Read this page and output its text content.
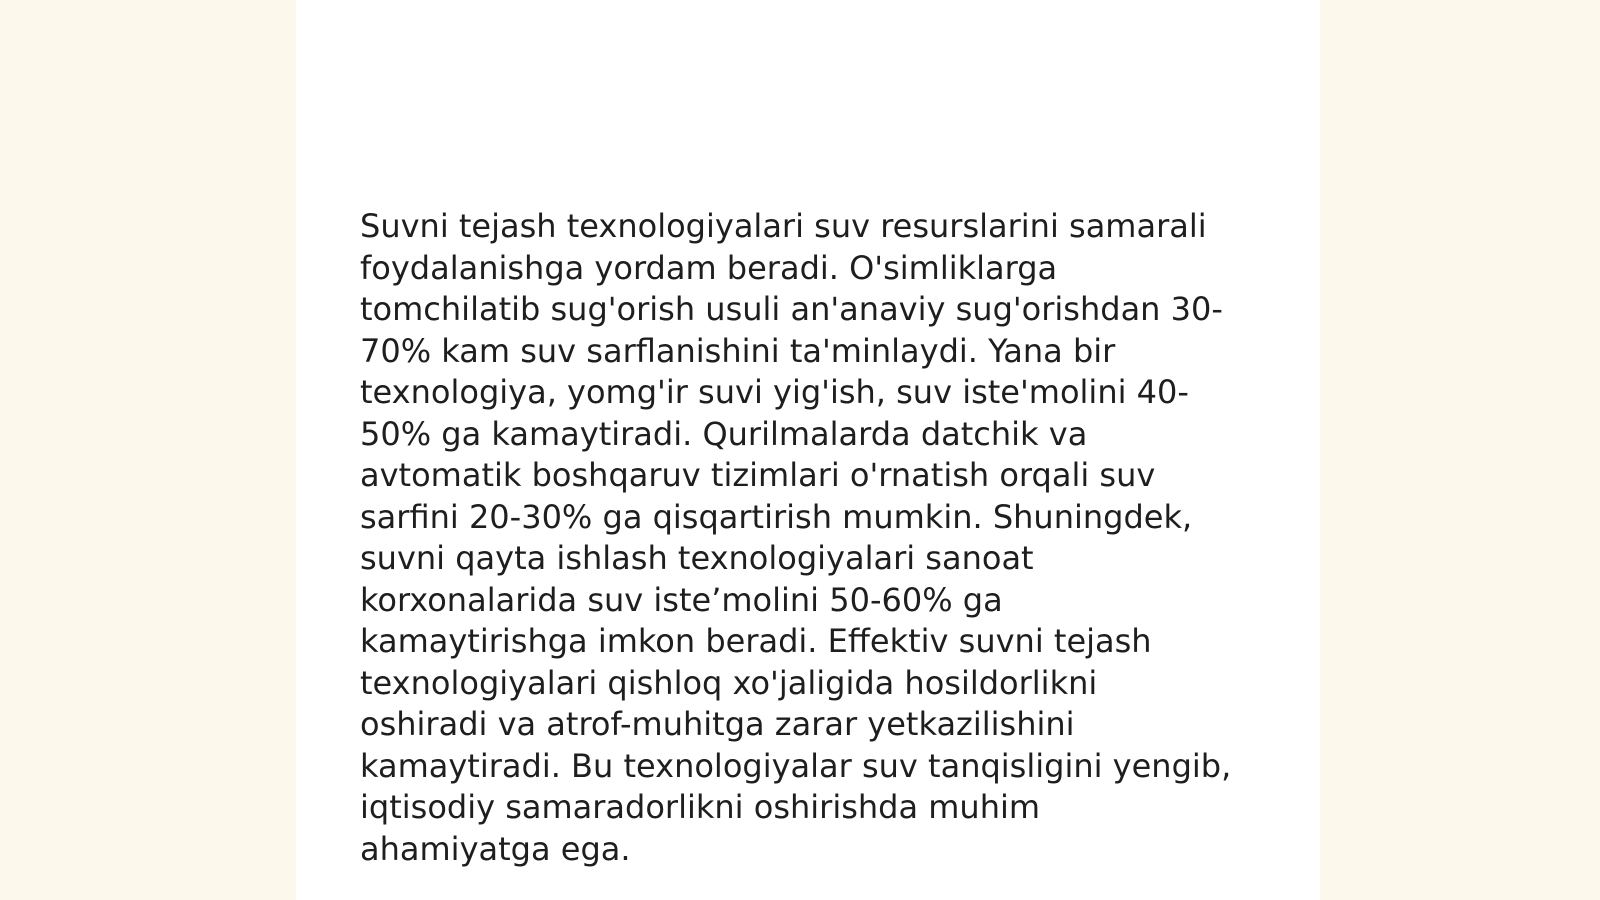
Suvni tejash texnologiyalari suv resurslarini samarali
foydalanishga yordam beradi. O'simliklarga
tomchilatib sug'orish usuli an'anaviy sug'orishdan 30-
70% kam suv sarflanishini ta'minlaydi. Yana bir
texnologiya, yomg'ir suvi yig'ish, suv iste'molini 40-
50% ga kamaytiradi. Qurilmalarda datchik va
avtomatik boshqaruv tizimlari o'rnatish orqali suv
sarfini 20-30% ga qisqartirish mumkin. Shuningdek,
suvni qayta ishlash texnologiyalari sanoat
korxonalarida suv iste’molini 50-60% ga
kamaytirishga imkon beradi. Effektiv suvni tejash
texnologiyalari qishloq xo'jaligida hosildorlikni
oshiradi va atrof-muhitga zarar yetkazilishini
kamaytiradi. Bu texnologiyalar suv tanqisligini yengib,
iqtisodiy samaradorlikni oshirishda muhim
ahamiyatga ega.
